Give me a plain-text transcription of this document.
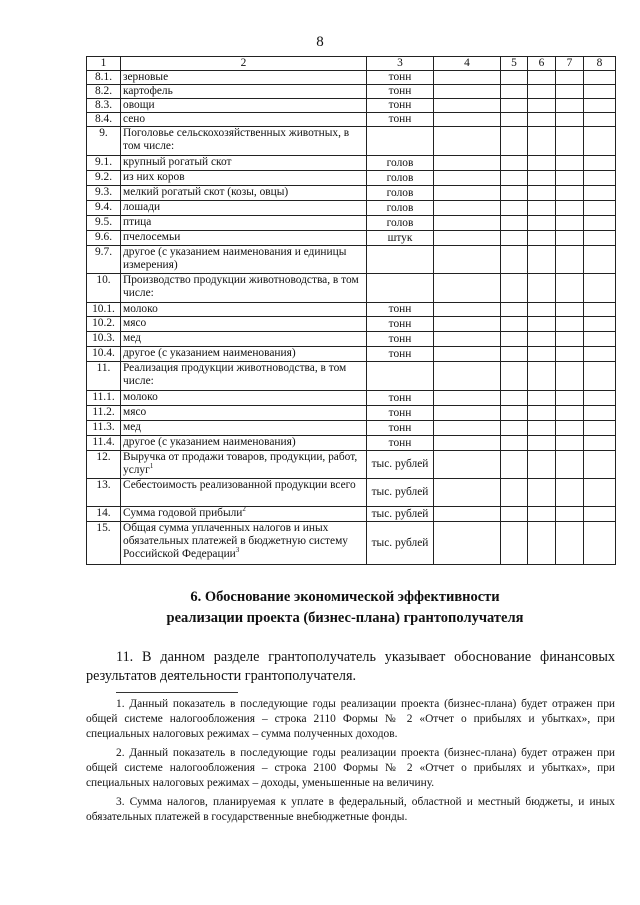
8
1	2	3	4	5	6	7	8
8.1.	зерновые	тонн					
8.2.	картофель	тонн					
8.3.	овощи	тонн					
8.4.	сено	тонн					
9.	Поголовье сельскохозяйственных животных, в том числе:						
9.1.	крупный рогатый скот	голов					
9.2.	из них коров	голов					
9.3.	мелкий рогатый скот (козы, овцы)	голов					
9.4.	лошади	голов					
9.5.	птица	голов					
9.6.	пчелосемьи	штук					
9.7.	другое (с указанием наименования и единицы измерения)						
10.	Производство продукции животноводства, в том числе:						
10.1.	молоко	тонн					
10.2.	мясо	тонн					
10.3.	мед	тонн					
10.4.	другое (с указанием наименования)	тонн					
11.	Реализация продукции животноводства, в том числе:						
11.1.	молоко	тонн					
11.2.	мясо	тонн					
11.3.	мед	тонн					
11.4.	другое (с указанием наименования)	тонн					
12.	Выручка от продажи товаров, продукции, работ, услуг$^1$	тыс. рублей					
13.	Себестоимость реализованной продукции всего	тыс. рублей					
14.	Сумма годовой прибыли$^2$	тыс. рублей					
15.	Общая сумма уплаченных налогов и иных обязательных платежей в бюджетную систему Российской Федерации$^3$	тыс. рублей					
6. Обоснование экономической эффективности
реализации проекта (бизнес-плана) грантополучателя
11. В данном разделе грантополучатель указывает обоснование финансовых результатов деятельности грантополучателя.

1. Данный показатель в последующие годы реализации проекта (бизнес-плана) будет отражен при общей системе налогообложения – строка 2110 Формы № 2 «Отчет о прибылях и убытках», при специальных налоговых режимах – сумма полученных доходов.

2. Данный показатель в последующие годы реализации проекта (бизнес-плана) будет отражен при общей системе налогообложения – строка 2100 Формы № 2 «Отчет о прибылях и убытках», при специальных налоговых режимах – доходы, уменьшенные на величину.

3. Сумма налогов, планируемая к уплате в федеральный, областной и местный бюджеты, и иных обязательных платежей в государственные внебюджетные фонды.
